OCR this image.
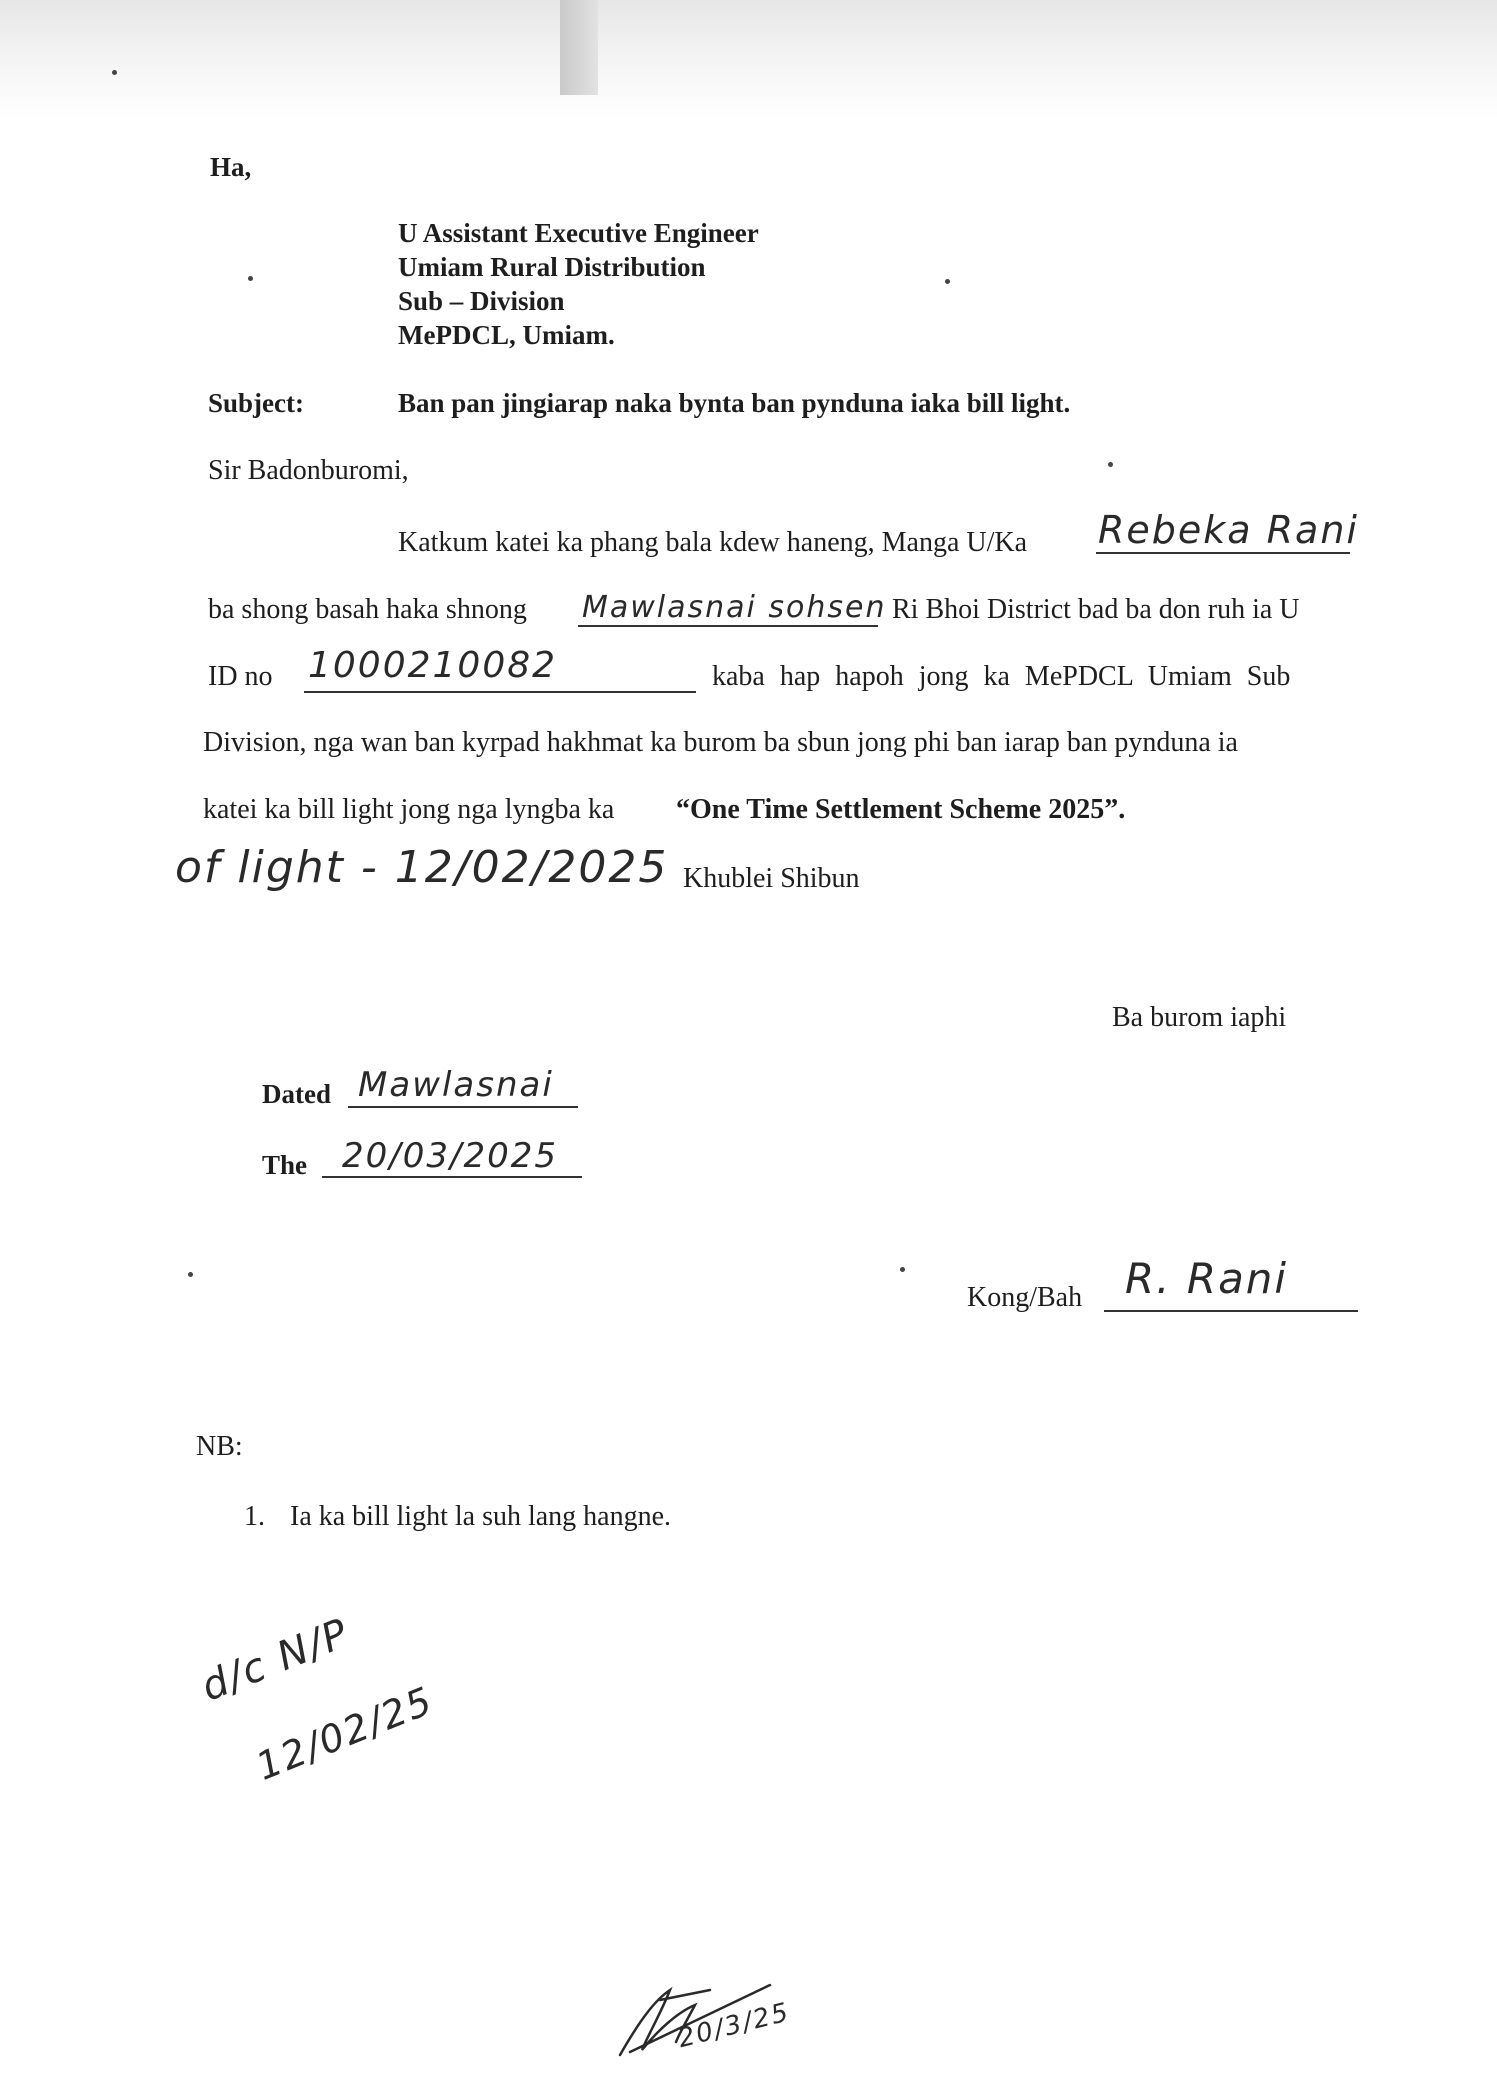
Ha,
U Assistant Executive Engineer
Umiam Rural Distribution
Sub – Division
MePDCL, Umiam.
Subject:	Ban pan jingiarap naka bynta ban pynduna iaka bill light.
Sir Badonburomi,
Katkum katei ka phang bala kdew haneng, Manga U/Ka Rebeka Rani
ba shong basah haka shnong Mawlasnai sohsen Ri Bhoi District bad ba don ruh ia U
ID no 1000210082	kaba hap hapoh jong ka MePDCL Umiam Sub
Division, nga wan ban kyrpad hakhmat ka burom ba sbun jong phi ban iarap ban pynduna ia
katei ka bill light jong nga lyngba ka “One Time Settlement Scheme 2025”.
of light - 12/02/2025 Khublei Shibun
Ba burom iaphi
Dated Mawlasnai
The 20/03/2025
Kong/Bah R. Rani
NB:
1. Ia ka bill light la suh lang hangne.
d/c N/P
12/02/25
20/3/25
